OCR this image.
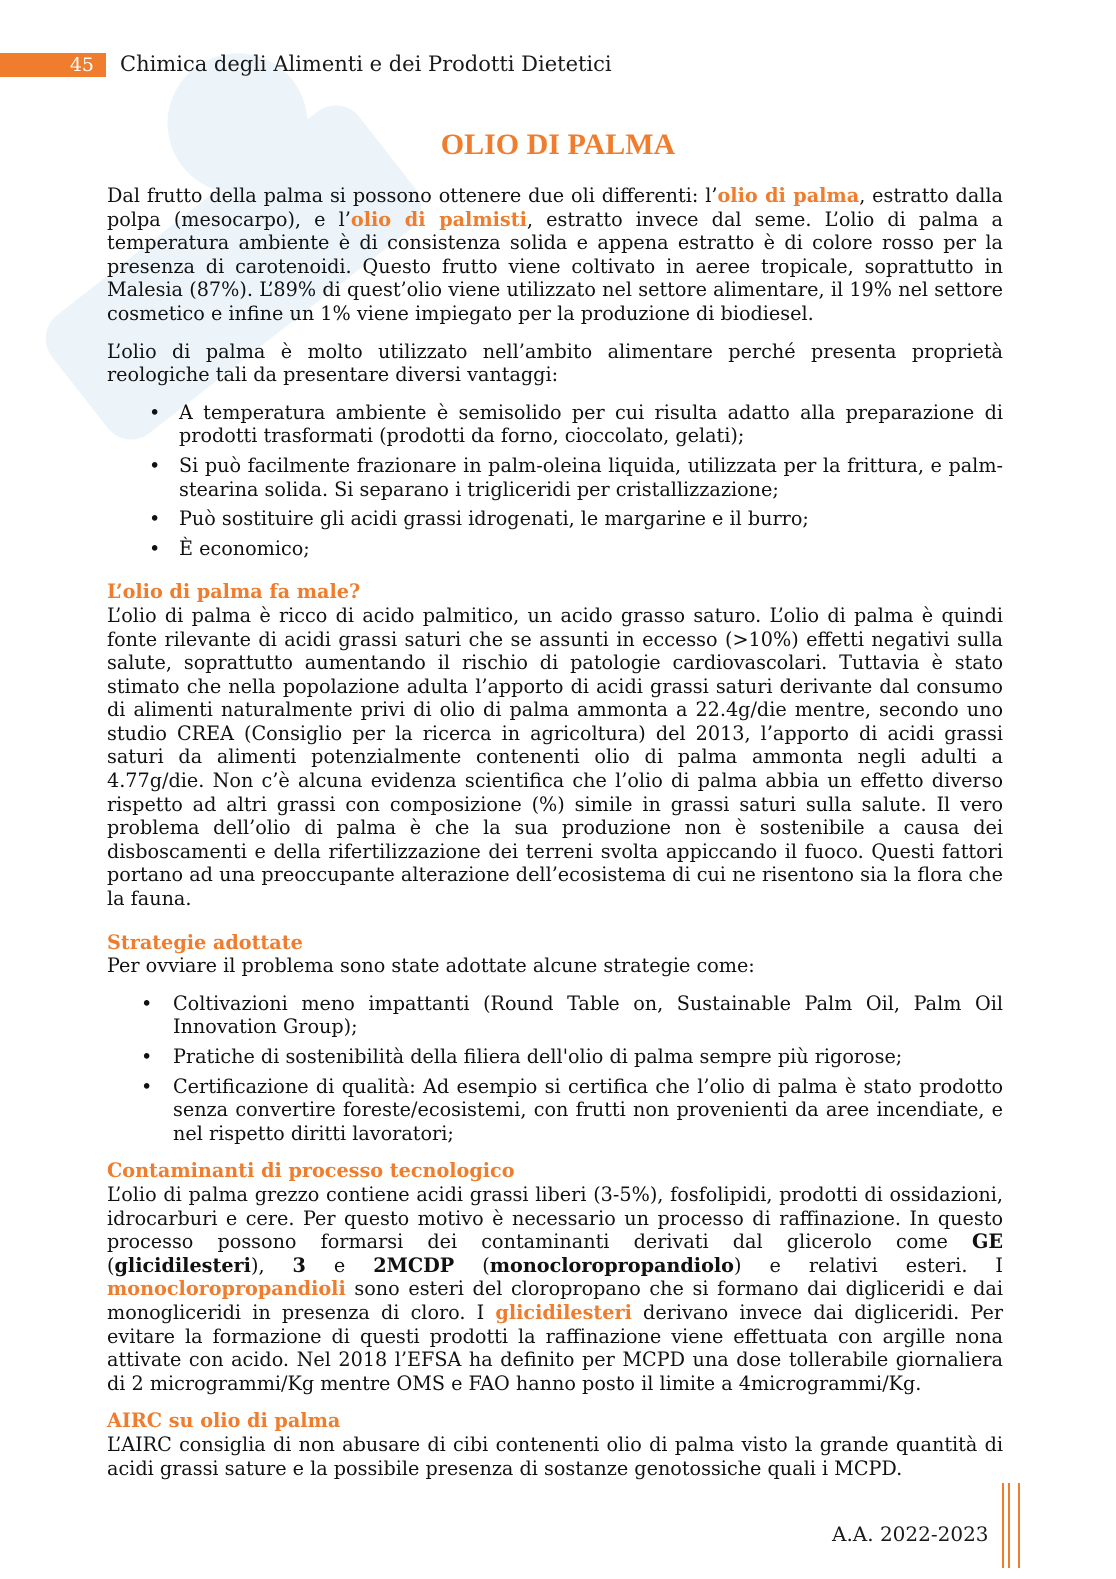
45	Chimica degli Alimenti e dei Prodotti Dietetici
OLIO DI PALMA

Dal frutto della palma si possono ottenere due oli differenti: l’olio di palma, estratto dalla polpa (mesocarpo), e l’olio di palmisti, estratto invece dal seme. L’olio di palma a temperatura ambiente è di consistenza solida e appena estratto è di colore rosso per la presenza di carotenoidi. Questo frutto viene coltivato in aeree tropicale, soprattutto in Malesia (87%). L’89% di quest’olio viene utilizzato nel settore alimentare, il 19% nel settore cosmetico e infine un 1% viene impiegato per la produzione di biodiesel.

L’olio di palma è molto utilizzato nell’ambito alimentare perché presenta proprietà reologiche tali da presentare diversi vantaggi:

• A temperatura ambiente è semisolido per cui risulta adatto alla preparazione di prodotti trasformati (prodotti da forno, cioccolato, gelati);
• Si può facilmente frazionare in palm-oleina liquida, utilizzata per la frittura, e palm-stearina solida. Si separano i trigliceridi per cristallizzazione;
• Può sostituire gli acidi grassi idrogenati, le margarine e il burro;
• È economico;
L’olio di palma fa male?

L’olio di palma è ricco di acido palmitico, un acido grasso saturo. L’olio di palma è quindi fonte rilevante di acidi grassi saturi che se assunti in eccesso (>10%) effetti negativi sulla salute, soprattutto aumentando il rischio di patologie cardiovascolari. Tuttavia è stato stimato che nella popolazione adulta l’apporto di acidi grassi saturi derivante dal consumo di alimenti naturalmente privi di olio di palma ammonta a 22.4g/die mentre, secondo uno studio CREA (Consiglio per la ricerca in agricoltura) del 2013, l’apporto di acidi grassi saturi da alimenti potenzialmente contenenti olio di palma ammonta negli adulti a 4.77g/die. Non c’è alcuna evidenza scientifica che l’olio di palma abbia un effetto diverso rispetto ad altri grassi con composizione (%) simile in grassi saturi sulla salute. Il vero problema dell’olio di palma è che la sua produzione non è sostenibile a causa dei disboscamenti e della rifertilizzazione dei terreni svolta appiccando il fuoco. Questi fattori portano ad una preoccupante alterazione dell’ecosistema di cui ne risentono sia la flora che la fauna.

Strategie adottate

Per ovviare il problema sono state adottate alcune strategie come:

• Coltivazioni meno impattanti (Round Table on, Sustainable Palm Oil, Palm Oil Innovation Group);
• Pratiche di sostenibilità della filiera dell'olio di palma sempre più rigorose;
• Certificazione di qualità: Ad esempio si certifica che l’olio di palma è stato prodotto senza convertire foreste/ecosistemi, con frutti non provenienti da aree incendiate, e nel rispetto diritti lavoratori;
Contaminanti di processo tecnologico

L’olio di palma grezzo contiene acidi grassi liberi (3-5%), fosfolipidi, prodotti di ossidazioni, idrocarburi e cere. Per questo motivo è necessario un processo di raffinazione. In questo processo possono formarsi dei contaminanti derivati dal glicerolo come GE (glicidilesteri), 3 e 2MCDP (monocloropropandiolo) e relativi esteri. I monocloropropandioli sono esteri del cloropropano che si formano dai digliceridi e dai monogliceridi in presenza di cloro. I glicidilesteri derivano invece dai digliceridi. Per evitare la formazione di questi prodotti la raffinazione viene effettuata con argille nona attivate con acido. Nel 2018 l’EFSA ha definito per MCPD una dose tollerabile giornaliera di 2 microgrammi/Kg mentre OMS e FAO hanno posto il limite a 4microgrammi/Kg.

AIRC su olio di palma

L’AIRC consiglia di non abusare di cibi contenenti olio di palma visto la grande quantità di acidi grassi sature e la possibile presenza di sostanze genotossiche quali i MCPD.

A.A. 2022-2023
